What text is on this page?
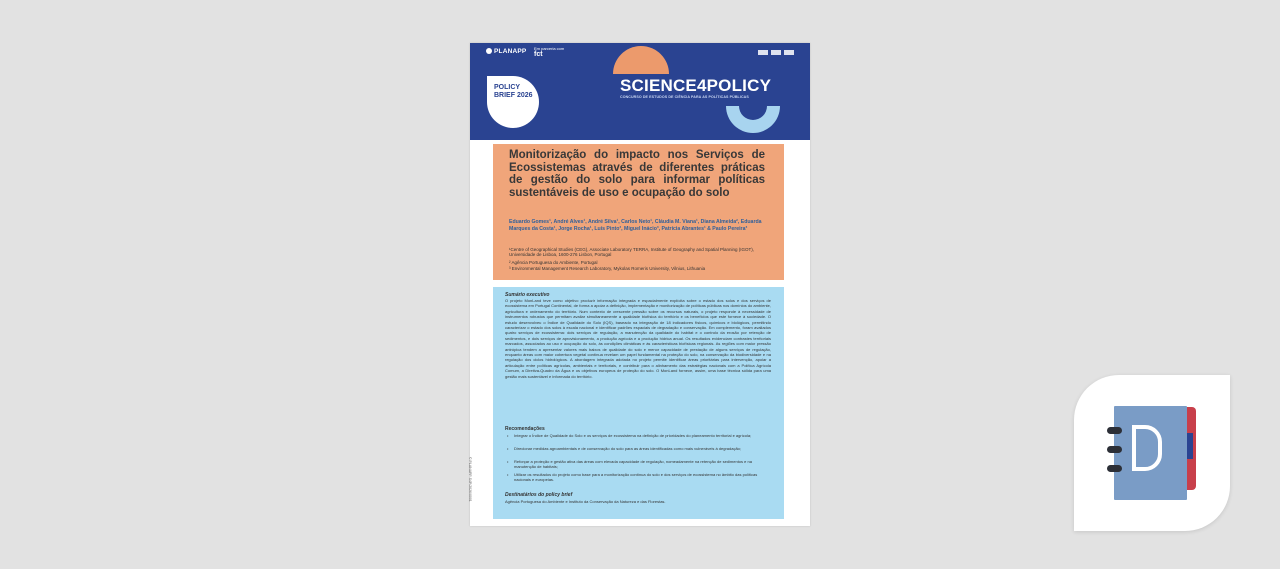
PLANAPP Em parceria com
fct
SCIENCE4POLICY
CONCURSO DE ESTUDOS DE CIÊNCIA PARA AS POLÍTICAS PÚBLICAS
POLICY BRIEF 2026
Monitorização do impacto nos Serviços de Ecossistemas através de diferentes práticas de gestão do solo para informar políticas sustentáveis de uso e ocupação do solo
Eduardo Gomes¹, André Alves¹, André Silva¹, Carlos Neto¹, Cláudia M. Viana¹, Diana Almeida², Eduarda Marques da Costa¹, Jorge Rocha¹, Luís Pinto³, Miguel Inácio³, Patrícia Abrantes¹ & Paulo Pereira³
¹Centre of Geographical Studies (CEG), Associate Laboratory TERRA, Institute of Geography and Spatial Planning (IGOT), Universidade de Lisboa, 1600-276 Lisbon, Portugal
² Agência Portuguesa do Ambiente, Portugal
³ Environmental Management Research Laboratory, Mykolas Romeris University, Vilnius, Lithuania
Sumário executivo
O projeto MonLand teve como objetivo produzir informação integrada e espacialmente explícita sobre o estado dos solos e dos serviços de ecossistema em Portugal Continental, de forma a apoiar a definição, implementação e monitorização de políticas públicas nos domínios do ambiente, agricultura e ordenamento do território. Num contexto de crescente pressão sobre os recursos naturais, o projeto responde à necessidade de instrumentos robustos que permitam avaliar simultaneamente a qualidade biofísica do território e os benefícios que este fornece à sociedade. O estudo desenvolveu o Índice de Qualidade do Solo (IQS), baseado na integração de 18 indicadores físicos, químicos e biológicos, permitindo caracterizar o estado dos solos à escala nacional e identificar padrões espaciais de degradação e conservação. Em complemento, foram avaliados quatro serviços de ecossistema: dois serviços de regulação, a manutenção da qualidade do habitat e o controlo da erosão por retenção de sedimentos, e dois serviços de aprovisionamento, a produção agrícola e a produção hídrica anual. Os resultados evidenciam contrastes territoriais marcados, associados ao uso e ocupação do solo, às condições climáticas e às características biofísicas regionais. As regiões com maior pressão antrópica tendem a apresentar valores mais baixos de qualidade do solo e menor capacidade de prestação de alguns serviços de regulação, enquanto áreas com maior cobertura vegetal contínua revelam um papel fundamental na proteção do solo, na conservação da biodiversidade e na regulação dos ciclos hidrológicos. A abordagem integrada adotada no projeto permite identificar áreas prioritárias para intervenção, apoiar a articulação entre políticas agrícolas, ambientais e territoriais, e contribuir para o alinhamento das estratégias nacionais com a Política Agrícola Comum, a Diretiva-Quadro da Água e os objetivos europeus de proteção do solo. O MonLand fornece, assim, uma base técnica sólida para uma gestão mais sustentável e informada do território.
Recomendações
• Integrar o Índice de Qualidade do Solo e os serviços de ecossistema na definição de prioridades do planeamento territorial e agrícola;
• Direcionar medidas agroambientais e de conservação do solo para as áreas identificadas como mais vulneráveis à degradação;
• Reforçar a proteção e gestão ativa das áreas com elevada capacidade de regulação, nomeadamente na retenção de sedimentos e na manutenção de habitats;
• Utilizar os resultados do projeto como base para a monitorização contínua do solo e dos serviços de ecossistema no âmbito das políticas nacionais e europeias.
Destinatários do policy brief
Agência Portuguesa do Ambiente e Instituto da Conservação da Natureza e das Florestas.
© PLANAPP S4P/2026/0001
